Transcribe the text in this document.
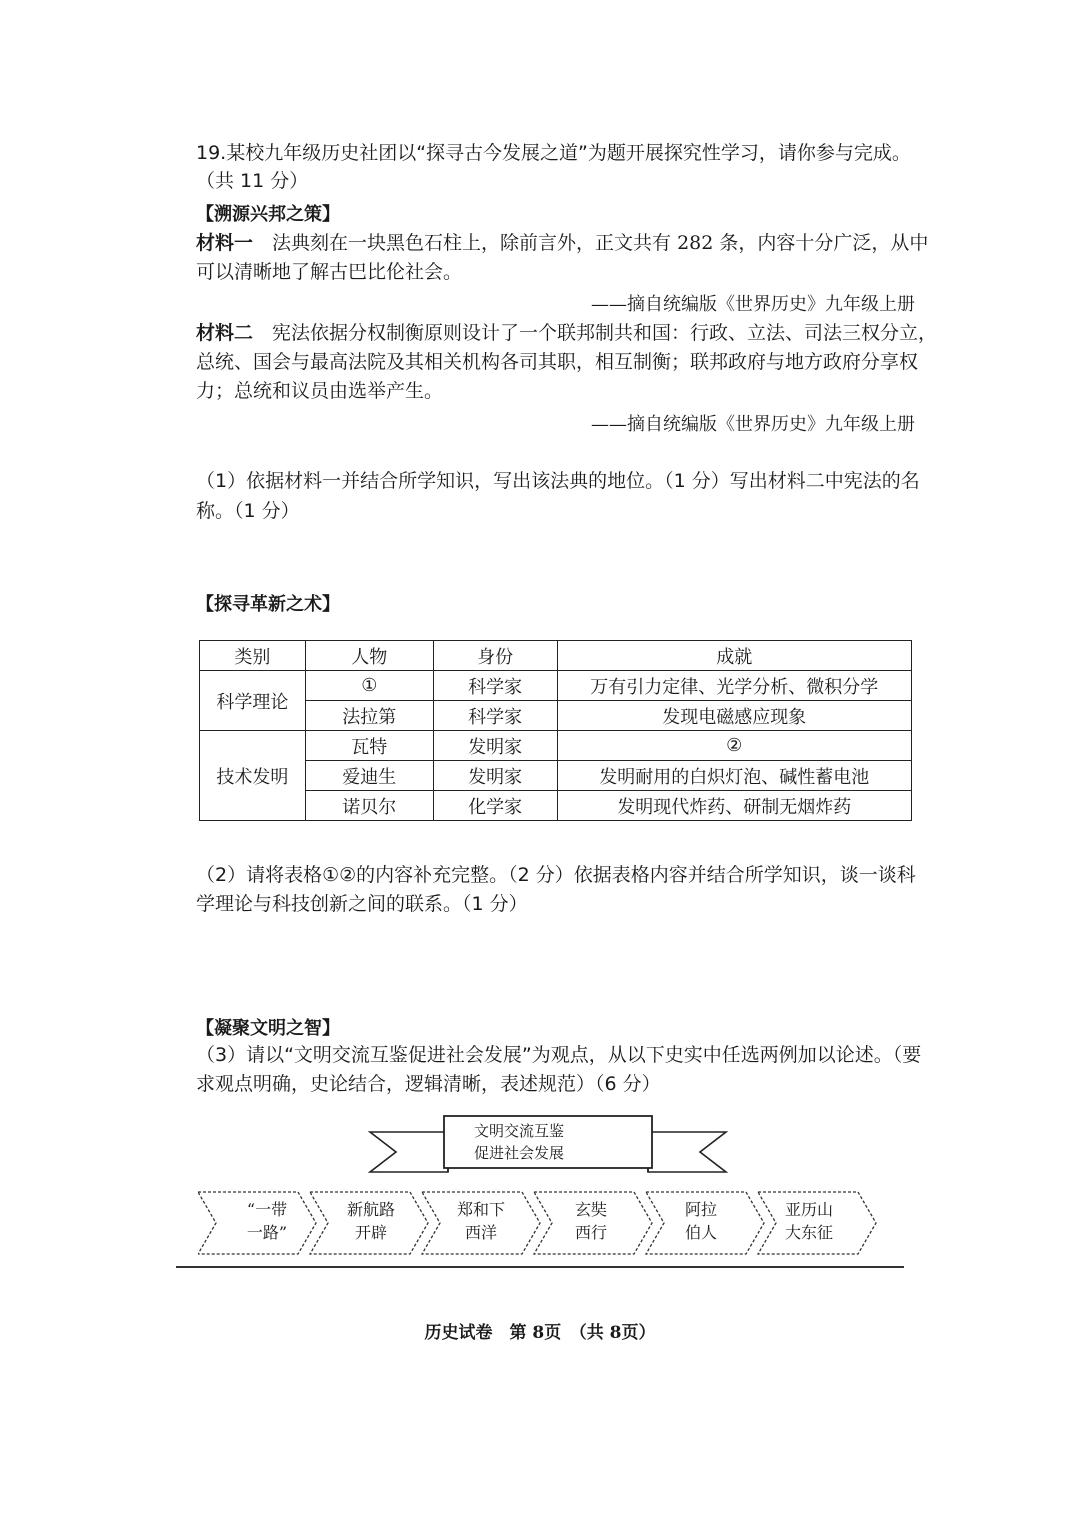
19.某校九年级历史社团以“探寻古今发展之道”为题开展探究性学习，请你参与完成。
（共 11 分）
【溯源兴邦之策】
材料一　 法典刻在一块黑色石柱上，除前言外，正文共有 282 条，内容十分广泛，从中
可以清晰地了解古巴比伦社会。
——摘自统编版《世界历史》九年级上册
材料二　 宪法依据分权制衡原则设计了一个联邦制共和国：行政、立法、司法三权分立，
总统、国会与最高法院及其相关机构各司其职，相互制衡；联邦政府与地方政府分享权
力；总统和议员由选举产生。
——摘自统编版《世界历史》九年级上册
（1）依据材料一并结合所学知识，写出该法典的地位。（1 分）写出材料二中宪法的名
称。（1 分）
【探寻革新之术】
类别	人物	身份	成就
科学理论	①	科学家	万有引力定律、光学分析、微积分学
	法拉第	科学家	发现电磁感应现象
技术发明	瓦特	发明家	②
	爱迪生	发明家	发明耐用的白炽灯泡、碱性蓄电池
	诺贝尔	化学家	发明现代炸药、研制无烟炸药
（2）请将表格①②的内容补充完整。（2 分）依据表格内容并结合所学知识，谈一谈科
学理论与科技创新之间的联系。（1 分）
【凝聚文明之智】
（3）请以“文明交流互鉴促进社会发展”为观点，从以下史实中任选两例加以论述。（要
求观点明确，史论结合，逻辑清晰，表述规范）（6 分）
文明交流互鉴
促进社会发展
“一带
一路”
新航路
开辟
郑和下
西洋
玄奘
西行
阿拉
伯人
亚历山
大东征
历史试卷　第 8页　（共 8页）
